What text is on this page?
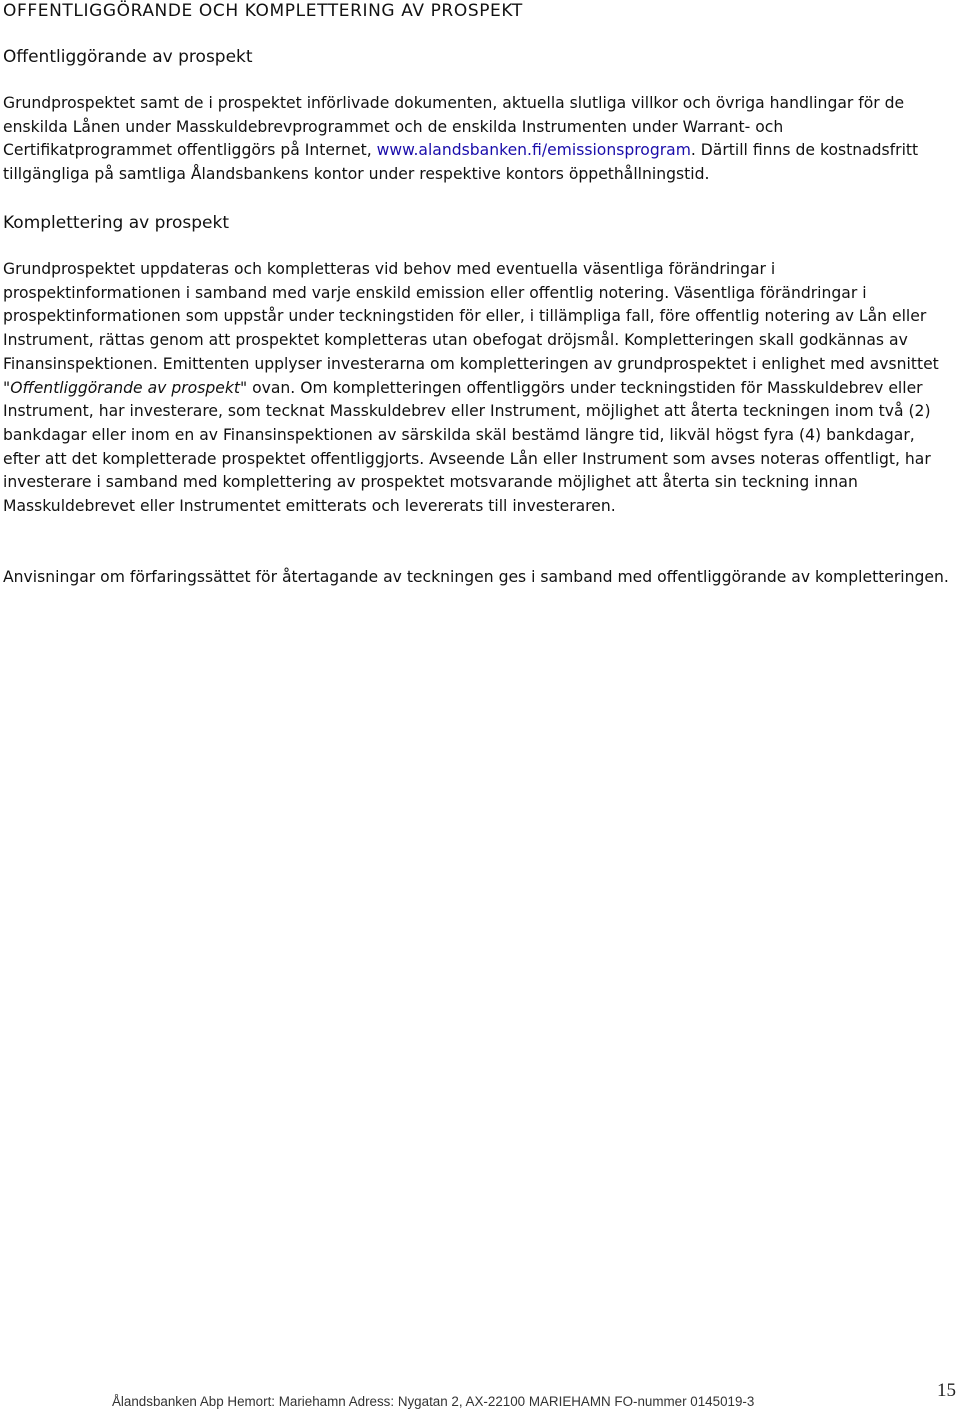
OFFENTLIGGÖRANDE OCH KOMPLETTERING AV PROSPEKT
Offentliggörande av prospekt

Grundprospektet samt de i prospektet införlivade dokumenten, aktuella slutliga villkor och övriga handlingar för de enskilda Lånen under Masskuldebrevprogrammet och de enskilda Instrumenten under Warrant- och Certifikatprogrammet offentliggörs på Internet, www.alandsbanken.fi/emissionsprogram. Därtill finns de kostnadsfritt tillgängliga på samtliga Ålandsbankens kontor under respektive kontors öppethållningstid.

Komplettering av prospekt

Grundprospektet uppdateras och kompletteras vid behov med eventuella väsentliga förändringar i prospektinformationen i samband med varje enskild emission eller offentlig notering. Väsentliga förändringar i prospektinformationen som uppstår under teckningstiden för eller, i tillämpliga fall, före offentlig notering av Lån eller Instrument, rättas genom att prospektet kompletteras utan obefogat dröjsmål. Kompletteringen skall godkännas av Finansinspektionen. Emittenten upplyser investerarna om kompletteringen av grundprospektet i enlighet med avsnittet "Offentliggörande av prospekt" ovan. Om kompletteringen offentliggörs under teckningstiden för Masskuldebrev eller Instrument, har investerare, som tecknat Masskuldebrev eller Instrument, möjlighet att återta teckningen inom två (2) bankdagar eller inom en av Finansinspektionen av särskilda skäl bestämd längre tid, likväl högst fyra (4) bankdagar, efter att det kompletterade prospektet offentliggjorts. Avseende Lån eller Instrument som avses noteras offentligt, har investerare i samband med komplettering av prospektet motsvarande möjlighet att återta sin teckning innan Masskuldebrevet eller Instrumentet emitterats och levererats till investeraren.

Anvisningar om förfaringssättet för återtagande av teckningen ges i samband med offentliggörande av kompletteringen.

Ålandsbanken Abp Hemort: Mariehamn Adress: Nygatan 2, AX-22100 MARIEHAMN FO-nummer 0145019-3
15
